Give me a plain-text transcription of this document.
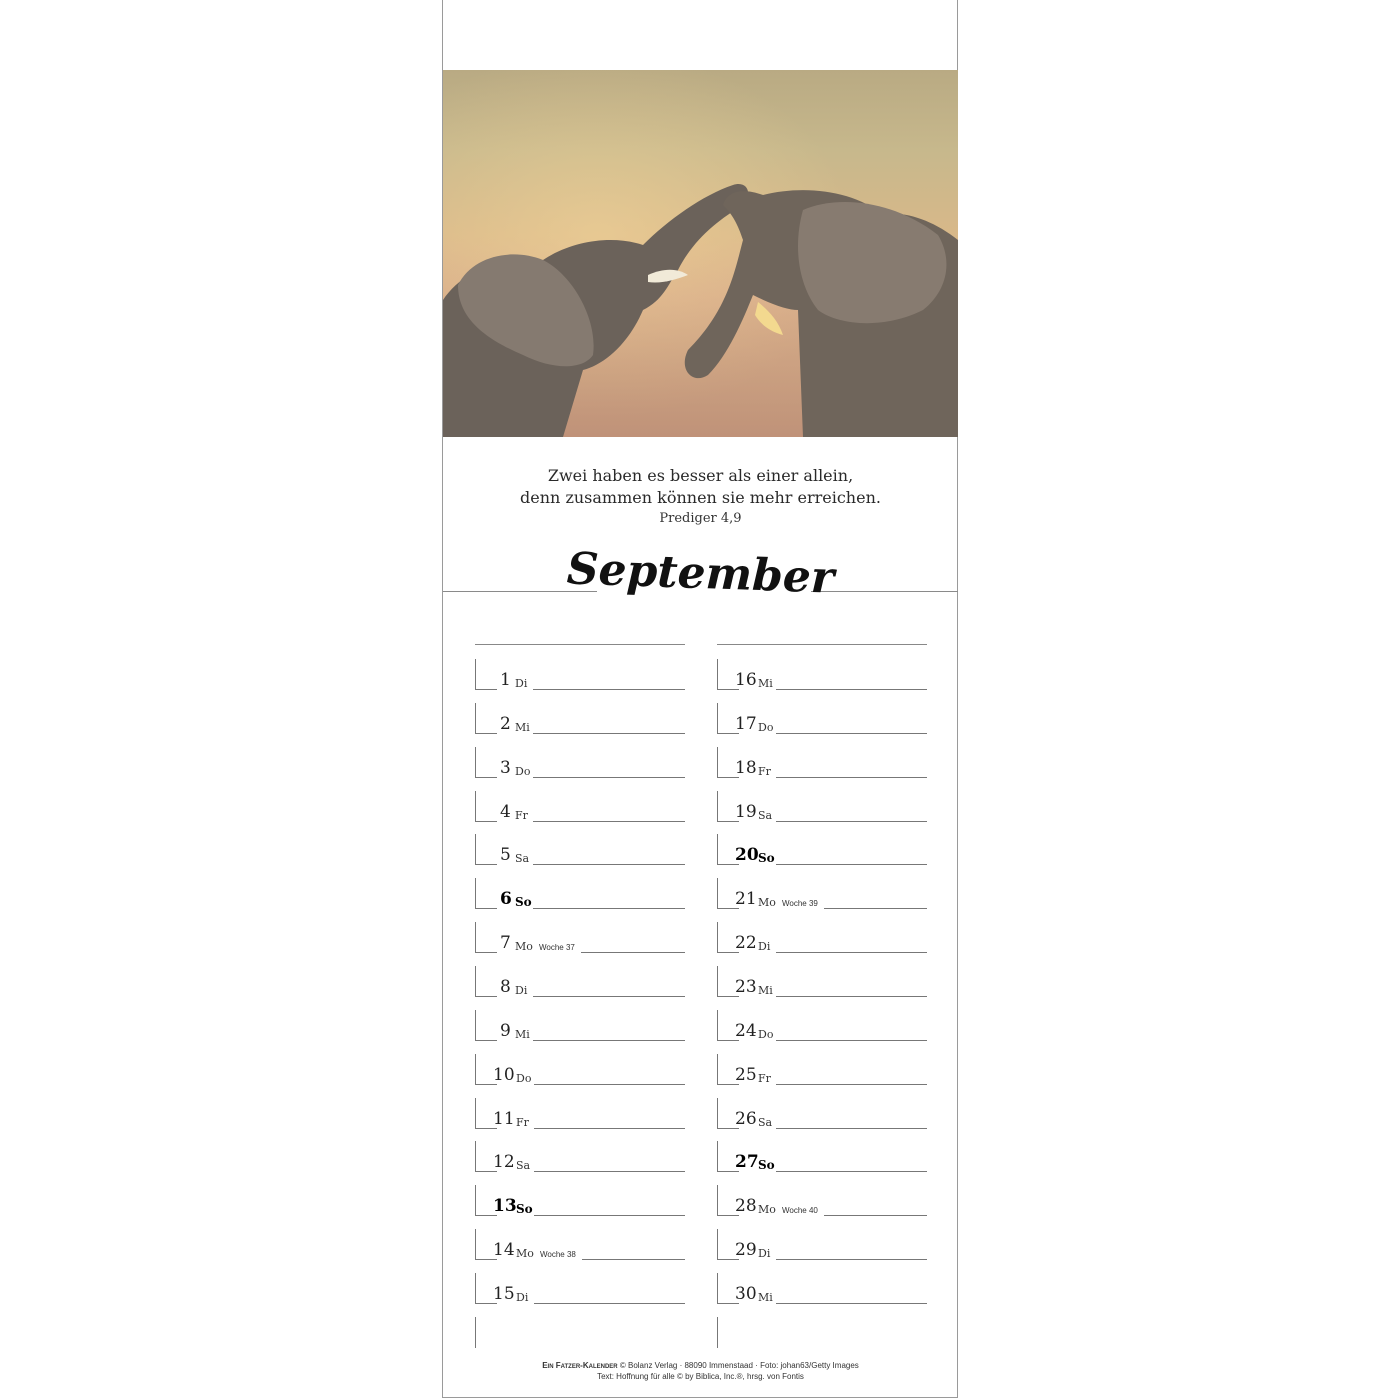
Zwei haben es besser als einer allein,
denn zusammen können sie mehr erreichen.
Prediger 4,9
September
1 Di
2 Mi
3 Do
4 Fr
5 Sa
6 So
7 Mo Woche 37
8 Di
9 Mi
10 Do
11 Fr
12 Sa
13 So
14 Mo Woche 38
15 Di
16 Mi
17 Do
18 Fr
19 Sa
20 So
21 Mo Woche 39
22 Di
23 Mi
24 Do
25 Fr
26 Sa
27 So
28 Mo Woche 40
29 Di
30 Mi
Ein Fatzer-Kalender © Bolanz Verlag · 88090 Immenstaad · Foto: johan63/Getty Images
Text: Hoffnung für alle © by Biblica, Inc.®, hrsg. von Fontis
